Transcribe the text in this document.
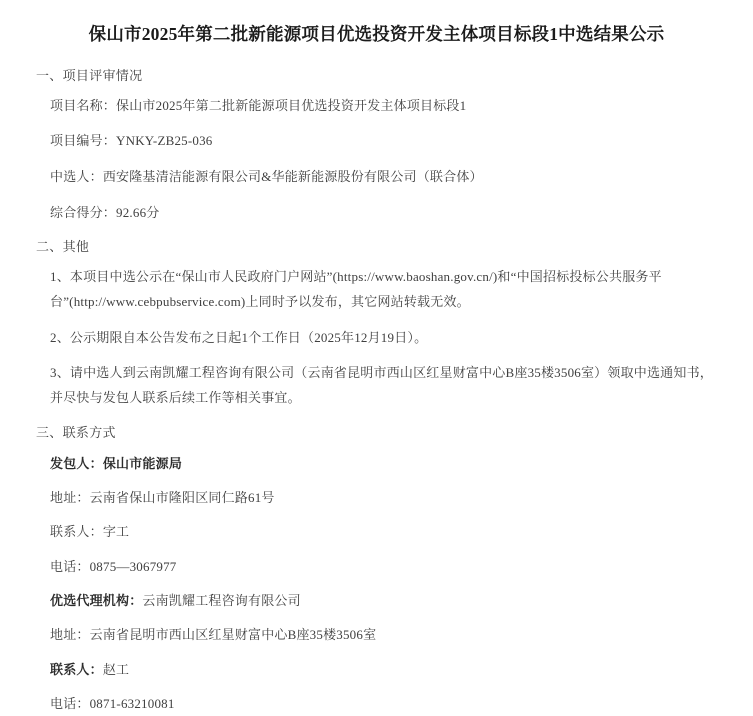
保山市2025年第二批新能源项目优选投资开发主体项目标段1中选结果公示
一、项目评审情况
项目名称：保山市2025年第二批新能源项目优选投资开发主体项目标段1
项目编号：YNKY-ZB25-036
中选人：西安隆基清洁能源有限公司&华能新能源股份有限公司（联合体）
综合得分：92.66分
二、其他
1、本项目中选公示在“保山市人民政府门户网站”(https://www.baoshan.gov.cn/)和“中国招标投标公共服务平台”(http://www.cebpubservice.com)上同时予以发布，其它网站转载无效。
2、公示期限自本公告发布之日起1个工作日（2025年12月19日）。
3、请中选人到云南凯耀工程咨询有限公司（云南省昆明市西山区红星财富中心B座35楼3506室）领取中选通知书，并尽快与发包人联系后续工作等相关事宜。
三、联系方式
发包人：保山市能源局
地址：云南省保山市隆阳区同仁路61号
联系人：字工
电话：0875—3067977
优选代理机构：云南凯耀工程咨询有限公司
地址：云南省昆明市西山区红星财富中心B座35楼3506室
联系人：赵工
电话：0871-63210081
